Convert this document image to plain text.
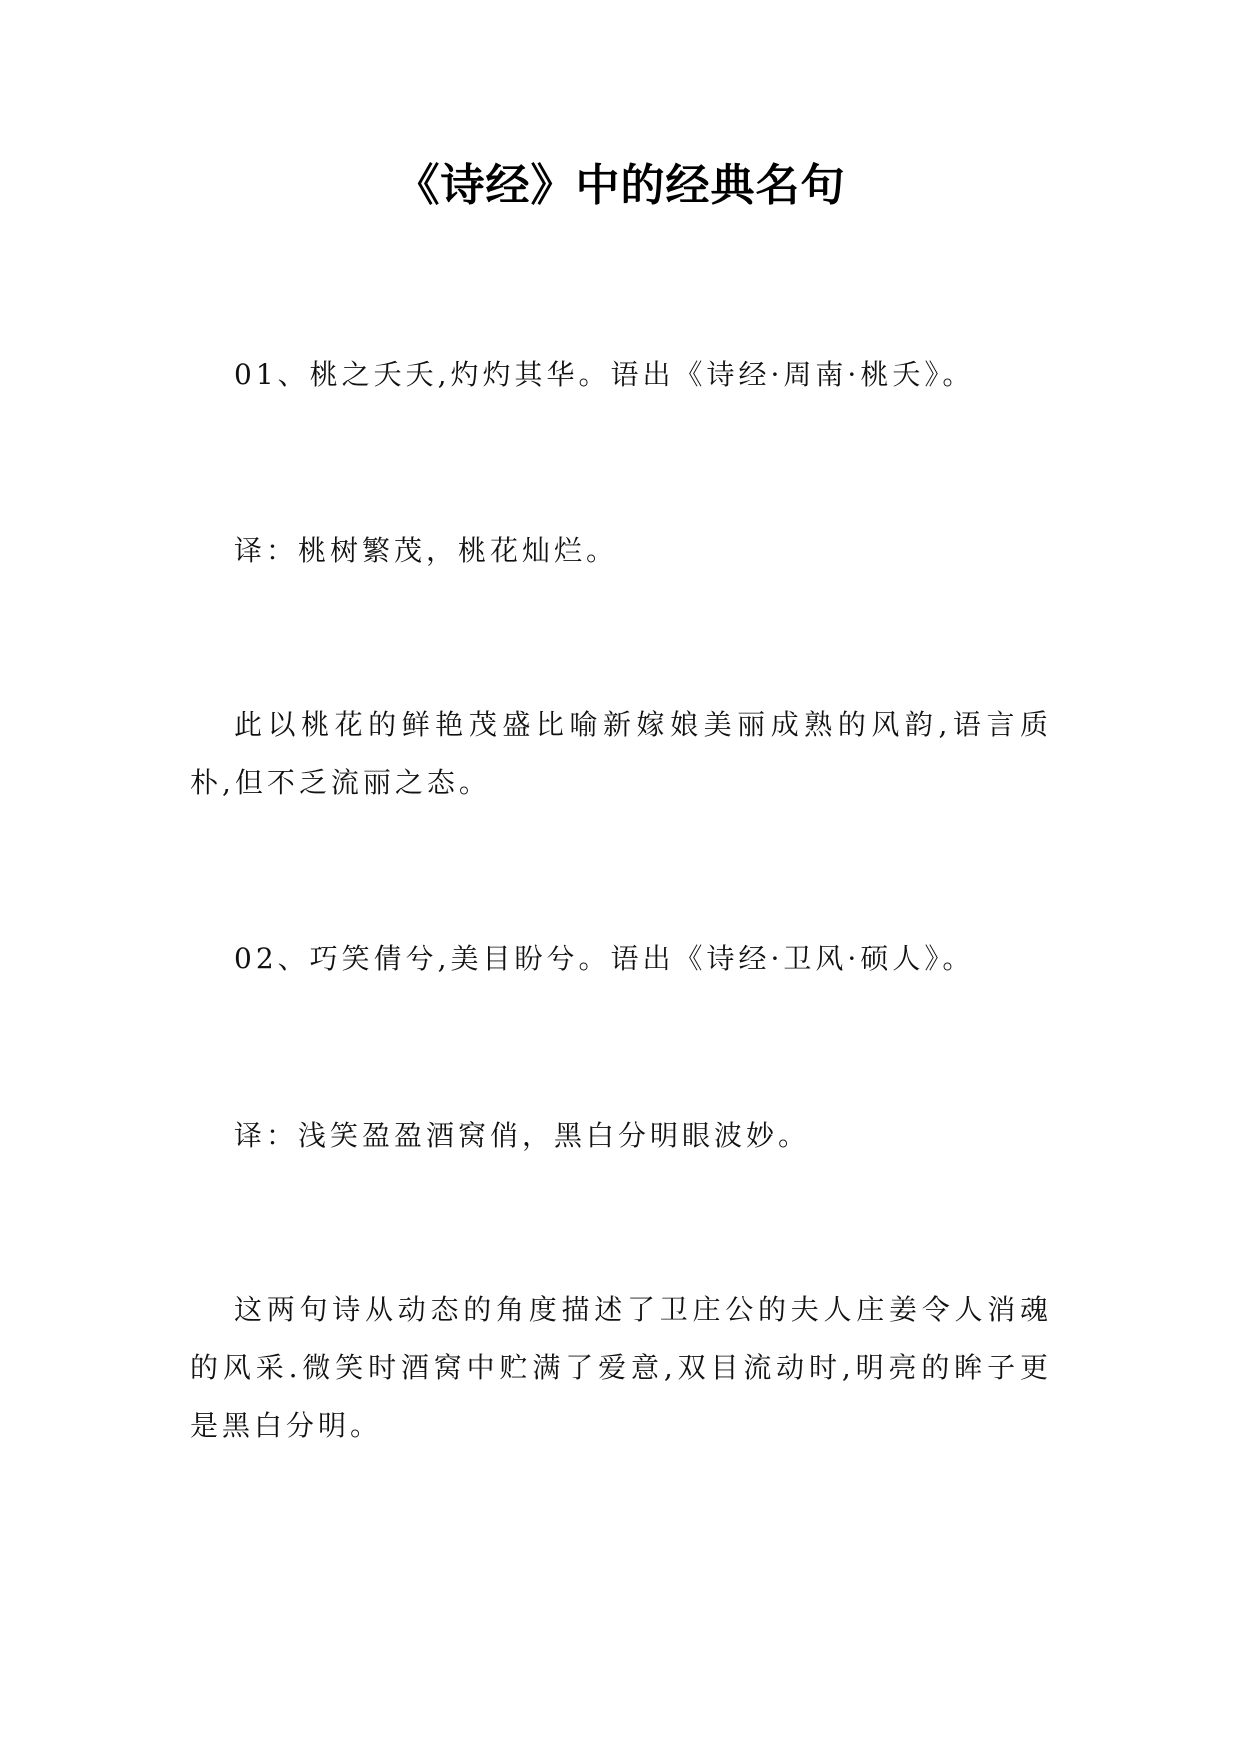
《诗经》中的经典名句

01、桃之夭夭,灼灼其华。语出《诗经·周南·桃夭》。

译：桃树繁茂，桃花灿烂。

此以桃花的鲜艳茂盛比喻新嫁娘美丽成熟的风韵,语言质朴,但不乏流丽之态。

02、巧笑倩兮,美目盼兮。语出《诗经·卫风·硕人》。

译：浅笑盈盈酒窝俏，黑白分明眼波妙。

这两句诗从动态的角度描述了卫庄公的夫人庄姜令人消魂的风采.微笑时酒窝中贮满了爱意,双目流动时,明亮的眸子更是黑白分明。
